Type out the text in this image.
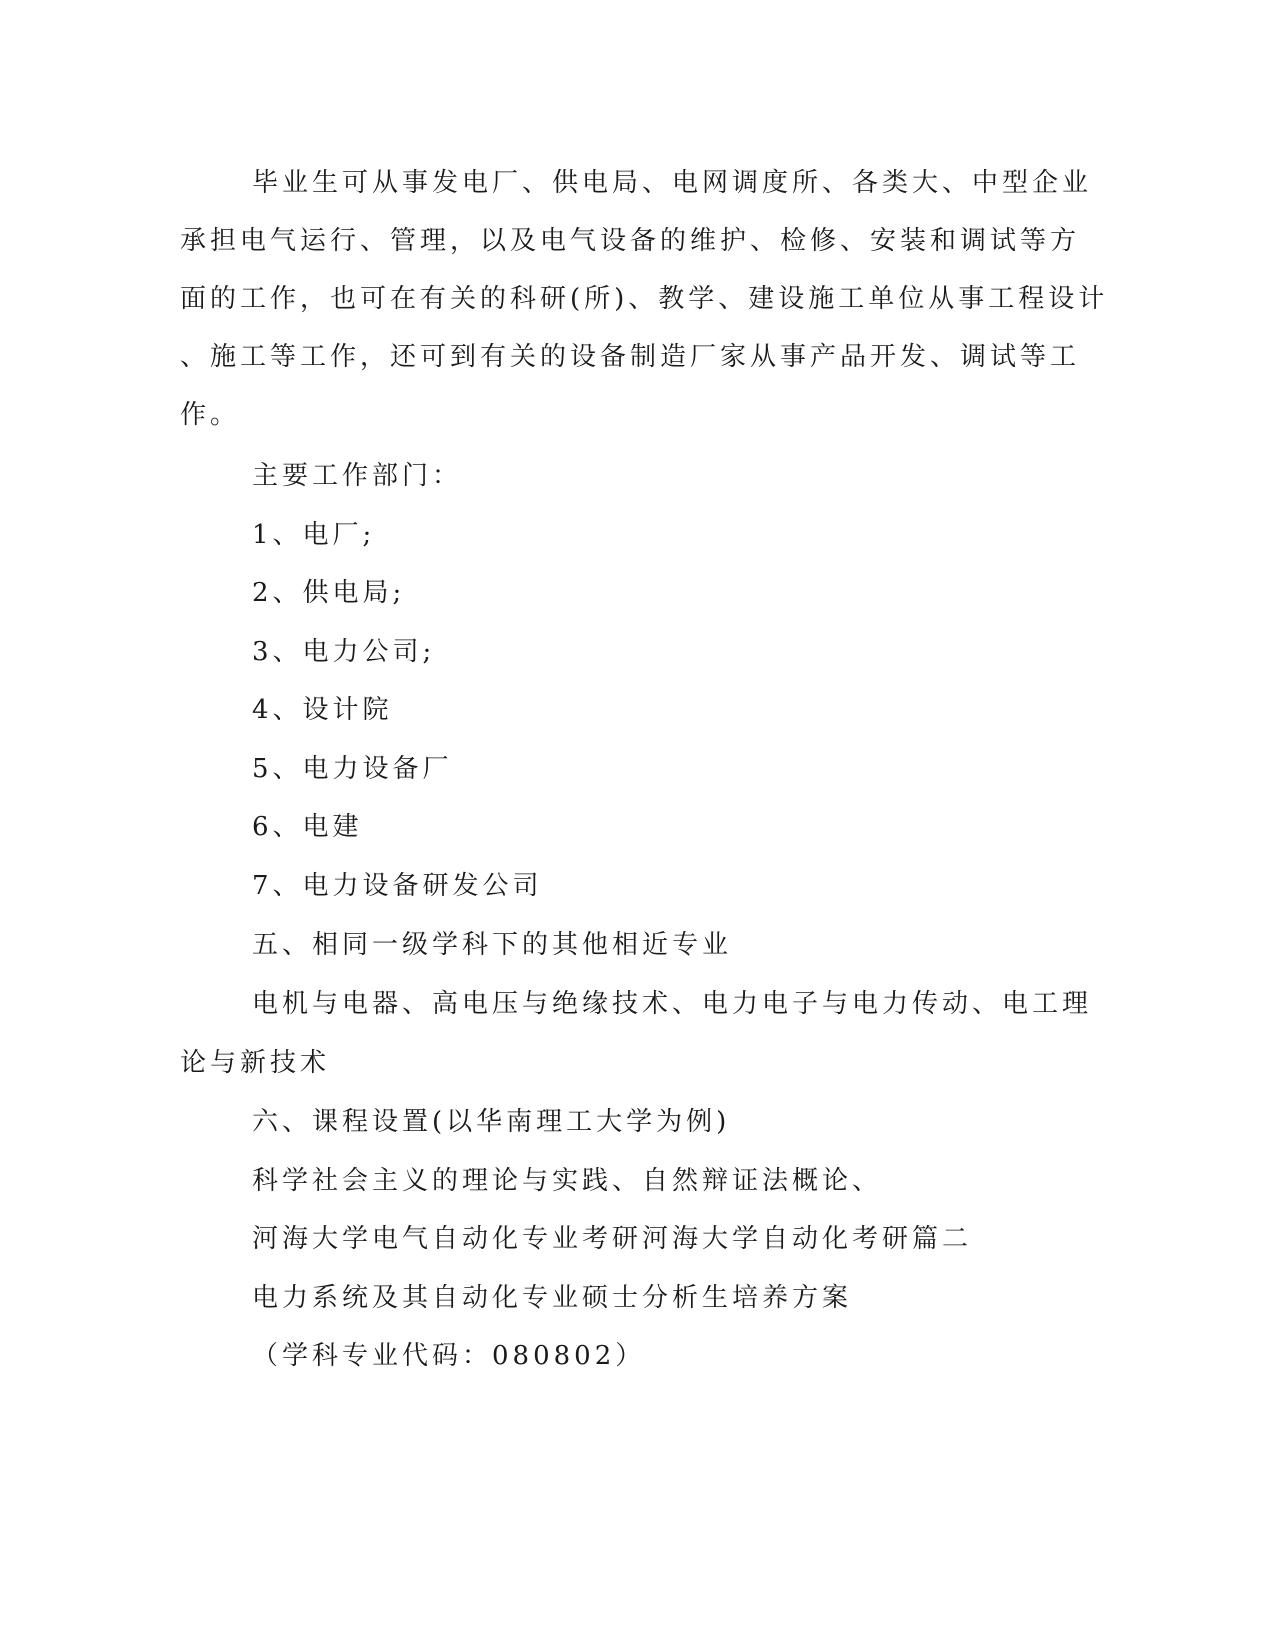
毕业生可从事发电厂、供电局、电网调度所、各类大、中型企业
承担电气运行、管理，以及电气设备的维护、检修、安装和调试等方
面的工作，也可在有关的科研(所)、教学、建设施工单位从事工程设计
、施工等工作，还可到有关的设备制造厂家从事产品开发、调试等工
作。
主要工作部门：
1、电厂;
2、供电局;
3、电力公司;
4、设计院
5、电力设备厂
6、电建
7、电力设备研发公司
五、相同一级学科下的其他相近专业
电机与电器、高电压与绝缘技术、电力电子与电力传动、电工理
论与新技术
六、课程设置(以华南理工大学为例)
科学社会主义的理论与实践、自然辩证法概论、
河海大学电气自动化专业考研河海大学自动化考研篇二
电力系统及其自动化专业硕士分析生培养方案
（学科专业代码：080802）
